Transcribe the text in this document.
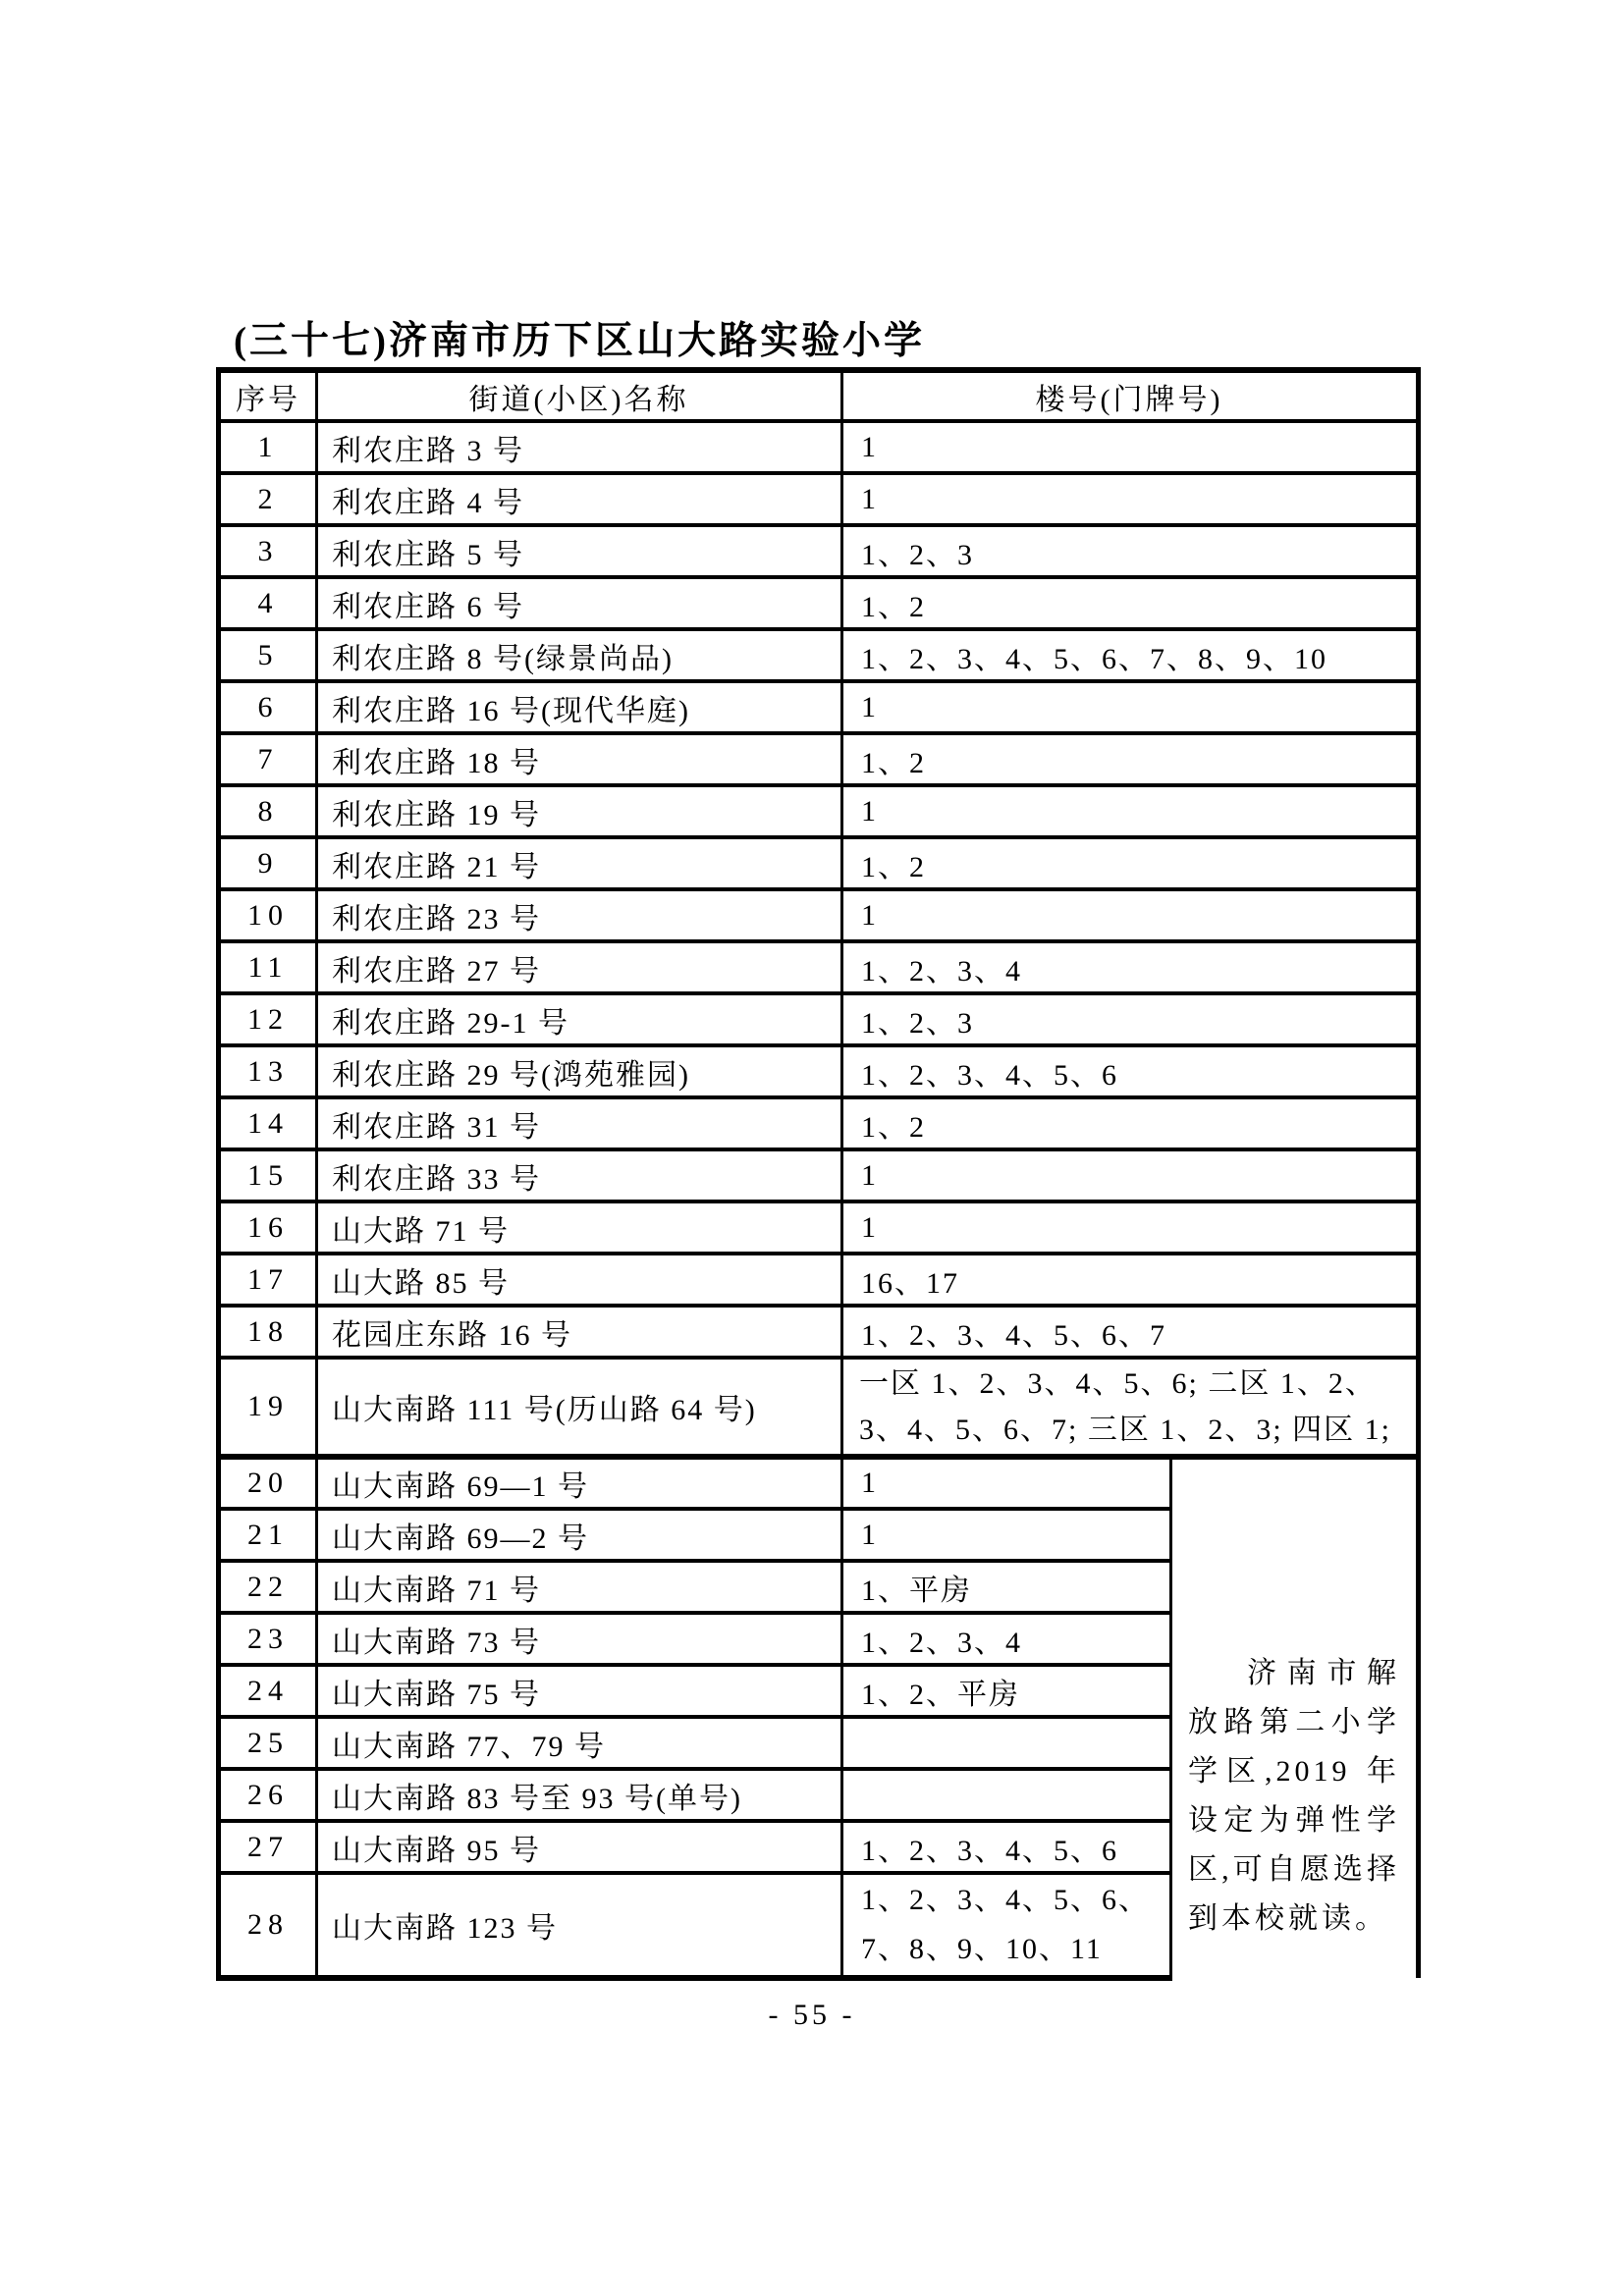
(三十七)济南市历下区山大路实验小学
序号	街道(小区)名称	楼号(门牌号)	
1	利农庄路 3 号	1	
2	利农庄路 4 号	1	
3	利农庄路 5 号	1、2、3	
4	利农庄路 6 号	1、2	
5	利农庄路 8 号(绿景尚品)	1、2、3、4、5、6、7、8、9、10	
6	利农庄路 16 号(现代华庭)	1	
7	利农庄路 18 号	1、2	
8	利农庄路 19 号	1	
9	利农庄路 21 号	1、2	
10	利农庄路 23 号	1	
11	利农庄路 27 号	1、2、3、4	
12	利农庄路 29-1 号	1、2、3	
13	利农庄路 29 号(鸿苑雅园)	1、2、3、4、5、6	
14	利农庄路 31 号	1、2	
15	利农庄路 33 号	1	
16	山大路 71 号	1	
17	山大路 85 号	16、17	
18	花园庄东路 16 号	1、2、3、4、5、6、7	
19	山大南路 111 号(历山路 64 号)	一区 1、2、3、4、5、6; 二区 1、2、3、4、5、6、7; 三区 1、2、3; 四区 1;	
20	山大南路 69—1 号	1	济南市解放路第二小学学区,2019 年设定为弹性学区,可自愿选择到本校就读。

21	山大南路 69—2 号	1	
22	山大南路 71 号	1、平房	
23	山大南路 73 号	1、2、3、4	
24	山大南路 75 号	1、2、平房	
25	山大南路 77、79 号		
26	山大南路 83 号至 93 号(单号)		
27	山大南路 95 号	1、2、3、4、5、6	
28	山大南路 123 号	1、2、3、4、5、6、7、8、9、10、11	
- 55 -
